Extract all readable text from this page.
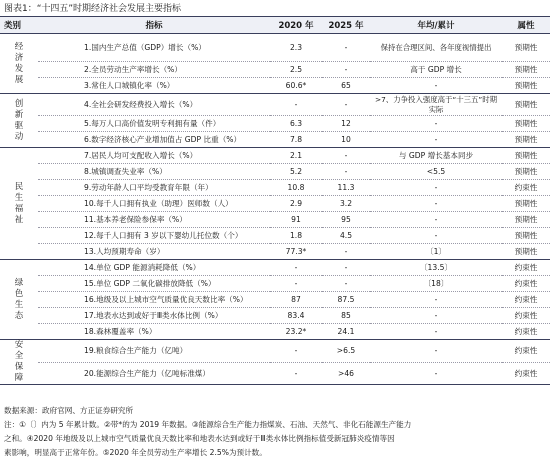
图表1：“十四五”时期经济社会发展主要指标
类别	指标	2020 年	2025 年	年均/累计	属性
经济发展	1.国内生产总值（GDP）增长（%）	2.3	-	保持在合理区间、各年度视情提出	预期性
	2.全员劳动生产率增长（%）	2.5	-	高于 GDP 增长	预期性
	3.常住人口城镇化率（%）	60.6*	65	-	预期性
创新驱动	4.全社会研发经费投入增长（%）	-	-	>7、力争投入强度高于“十三五”时期实际	预期性
	5.每万人口高价值发明专利拥有量（件）	6.3	12	-	预期性
	6.数字经济核心产业增加值占 GDP 比重（%）	7.8	10	-	预期性
民生福祉	7.居民人均可支配收入增长（%）	2.1	-	与 GDP 增长基本同步	预期性
	8.城镇调查失业率（%）	5.2	-	<5.5	预期性
	9.劳动年龄人口平均受教育年限（年）	10.8	11.3	-	约束性
	10.每千人口拥有执业（助理）医师数（人）	2.9	3.2	-	预期性
	11.基本养老保险参保率（%）	91	95	-	预期性
	12.每千人口拥有 3 岁以下婴幼儿托位数（个）	1.8	4.5	-	预期性
	13.人均预期寿命（岁）	77.3*	-	〔1〕	预期性
绿色生态	14.单位 GDP 能源消耗降低（%）	-	-	〔13.5〕	约束性
	15.单位 GDP 二氧化碳排放降低（%）	-	-	〔18〕	约束性
	16.地级及以上城市空气质量优良天数比率（%）	87	87.5	-	约束性
	17.地表水达到或好于Ⅲ类水体比例（%）	83.4	85	-	约束性
	18.森林覆盖率（%）	23.2*	24.1	-	约束性
安全保障	19.粮食综合生产能力（亿吨）	-	>6.5	-	约束性
	20.能源综合生产能力（亿吨标准煤）	-	>46	-	约束性
数据来源：政府官网、方正证券研究所
注：①〔〕内为 5 年累计数。②带*的为 2019 年数据。③能源综合生产能力指煤炭、石油、天然气、非化石能源生产能力
之和。④2020 年地级及以上城市空气质量优良天数比率和地表水达到或好于Ⅲ类水体比例指标值受新冠肺炎疫情等因
素影响，明显高于正常年份。⑤2020 年全员劳动生产率增长 2.5%为预计数。
